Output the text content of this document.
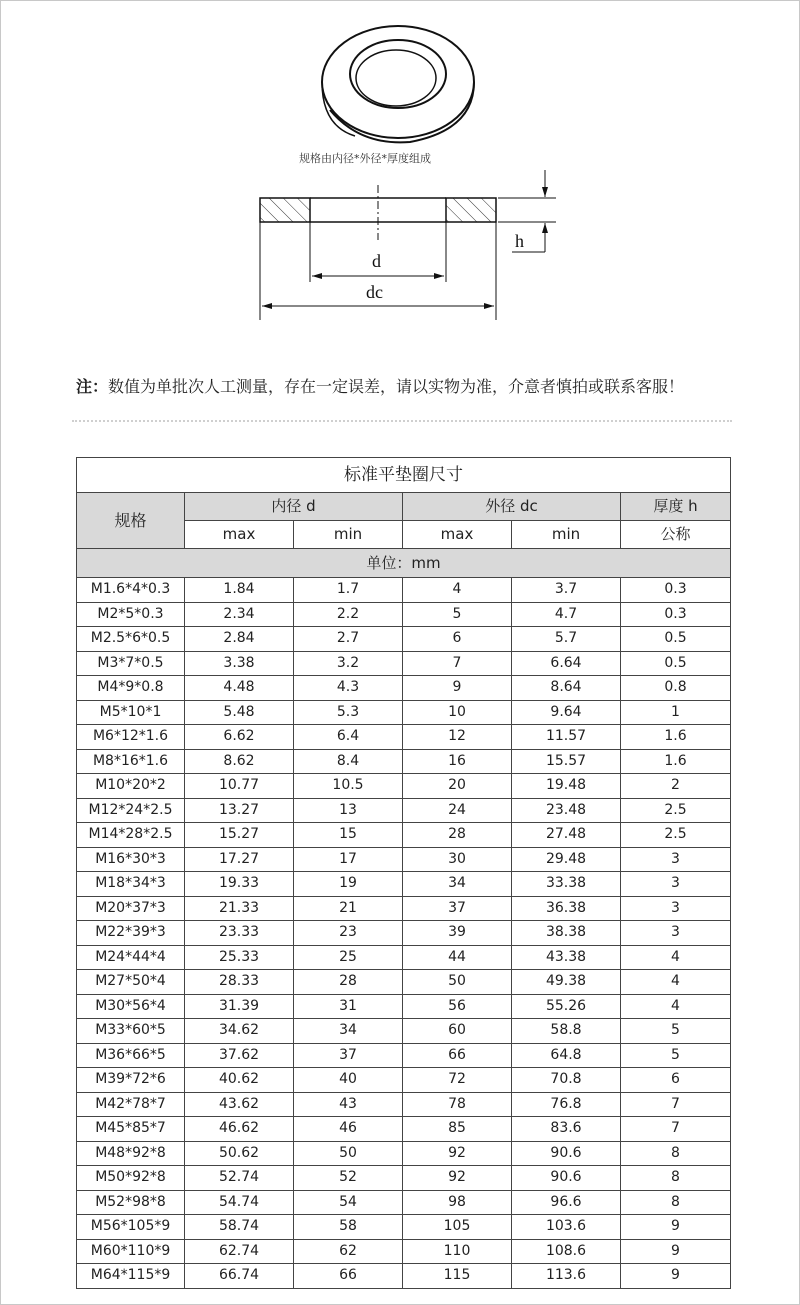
d
dc
h
规格由内径*外径*厚度组成
注：数值为单批次人工测量，存在一定误差，请以实物为准，介意者慎拍或联系客服！
标准平垫圈尺寸					
规格	内径 d		外径 dc		厚度 h
	max	min	max	min	公称
单位：mm					
M1.6*4*0.3	1.84	1.7	4	3.7	0.3
M2*5*0.3	2.34	2.2	5	4.7	0.3
M2.5*6*0.5	2.84	2.7	6	5.7	0.5
M3*7*0.5	3.38	3.2	7	6.64	0.5
M4*9*0.8	4.48	4.3	9	8.64	0.8
M5*10*1	5.48	5.3	10	9.64	1
M6*12*1.6	6.62	6.4	12	11.57	1.6
M8*16*1.6	8.62	8.4	16	15.57	1.6
M10*20*2	10.77	10.5	20	19.48	2
M12*24*2.5	13.27	13	24	23.48	2.5
M14*28*2.5	15.27	15	28	27.48	2.5
M16*30*3	17.27	17	30	29.48	3
M18*34*3	19.33	19	34	33.38	3
M20*37*3	21.33	21	37	36.38	3
M22*39*3	23.33	23	39	38.38	3
M24*44*4	25.33	25	44	43.38	4
M27*50*4	28.33	28	50	49.38	4
M30*56*4	31.39	31	56	55.26	4
M33*60*5	34.62	34	60	58.8	5
M36*66*5	37.62	37	66	64.8	5
M39*72*6	40.62	40	72	70.8	6
M42*78*7	43.62	43	78	76.8	7
M45*85*7	46.62	46	85	83.6	7
M48*92*8	50.62	50	92	90.6	8
M50*92*8	52.74	52	92	90.6	8
M52*98*8	54.74	54	98	96.6	8
M56*105*9	58.74	58	105	103.6	9
M60*110*9	62.74	62	110	108.6	9
M64*115*9	66.74	66	115	113.6	9
